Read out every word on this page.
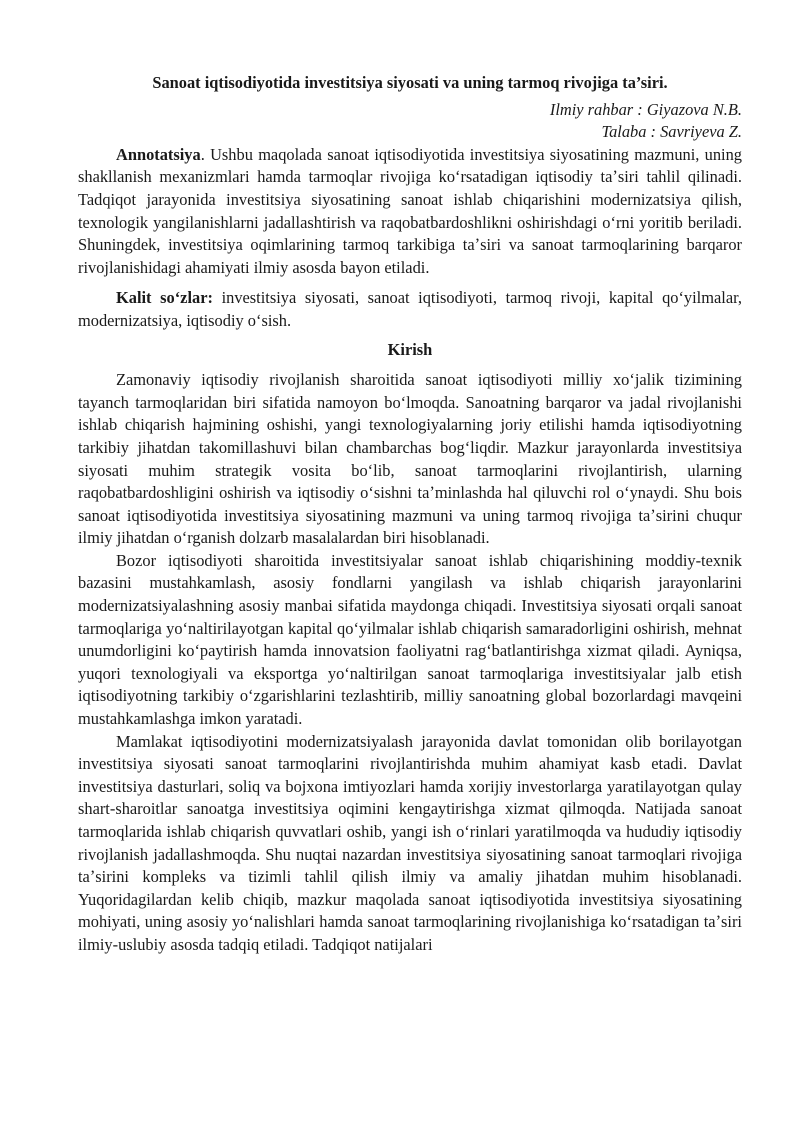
Sanoat iqtisodiyotida investitsiya siyosati va uning tarmoq rivojiga ta’siri.
Ilmiy rahbar : Giyazova N.B.
Talaba : Savriyeva Z.

Annotatsiya. Ushbu maqolada sanoat iqtisodiyotida investitsiya siyosatining mazmuni, uning shakllanish mexanizmlari hamda tarmoqlar rivojiga koʻrsatadigan iqtisodiy taʼsiri tahlil qilinadi. Tadqiqot jarayonida investitsiya siyosatining sanoat ishlab chiqarishini modernizatsiya qilish, texnologik yangilanishlarni jadallashtirish va raqobatbardoshlikni oshirishdagi oʻrni yoritib beriladi. Shuningdek, investitsiya oqimlarining tarmoq tarkibiga taʼsiri va sanoat tarmoqlarining barqaror rivojlanishidagi ahamiyati ilmiy asosda bayon etiladi.

Kalit soʻzlar: investitsiya siyosati, sanoat iqtisodiyoti, tarmoq rivoji, kapital qoʻyilmalar, modernizatsiya, iqtisodiy oʻsish.

Kirish

Zamonaviy iqtisodiy rivojlanish sharoitida sanoat iqtisodiyoti milliy xoʻjalik tizimining tayanch tarmoqlaridan biri sifatida namoyon boʻlmoqda. Sanoatning barqaror va jadal rivojlanishi ishlab chiqarish hajmining oshishi, yangi texnologiyalarning joriy etilishi hamda iqtisodiyotning tarkibiy jihatdan takomillashuvi bilan chambarchas bogʻliqdir. Mazkur jarayonlarda investitsiya siyosati muhim strategik vosita boʻlib, sanoat tarmoqlarini rivojlantirish, ularning raqobatbardoshligini oshirish va iqtisodiy oʻsishni taʼminlashda hal qiluvchi rol oʻynaydi. Shu bois sanoat iqtisodiyotida investitsiya siyosatining mazmuni va uning tarmoq rivojiga taʼsirini chuqur ilmiy jihatdan oʻrganish dolzarb masalalardan biri hisoblanadi.

Bozor iqtisodiyoti sharoitida investitsiyalar sanoat ishlab chiqarishining moddiy-texnik bazasini mustahkamlash, asosiy fondlarni yangilash va ishlab chiqarish jarayonlarini modernizatsiyalashning asosiy manbai sifatida maydonga chiqadi. Investitsiya siyosati orqali sanoat tarmoqlariga yoʻnaltirilayotgan kapital qoʻyilmalar ishlab chiqarish samaradorligini oshirish, mehnat unumdorligini koʻpaytirish hamda innovatsion faoliyatni ragʻbatlantirishga xizmat qiladi. Ayniqsa, yuqori texnologiyali va eksportga yoʻnaltirilgan sanoat tarmoqlariga investitsiyalar jalb etish iqtisodiyotning tarkibiy oʻzgarishlarini tezlashtirib, milliy sanoatning global bozorlardagi mavqeini mustahkamlashga imkon yaratadi.

Mamlakat iqtisodiyotini modernizatsiyalash jarayonida davlat tomonidan olib borilayotgan investitsiya siyosati sanoat tarmoqlarini rivojlantirishda muhim ahamiyat kasb etadi. Davlat investitsiya dasturlari, soliq va bojxona imtiyozlari hamda xorijiy investorlarga yaratilayotgan qulay shart-sharoitlar sanoatga investitsiya oqimini kengaytirishga xizmat qilmoqda. Natijada sanoat tarmoqlarida ishlab chiqarish quvvatlari oshib, yangi ish oʻrinlari yaratilmoqda va hududiy iqtisodiy rivojlanish jadallashmoqda. Shu nuqtai nazardan investitsiya siyosatining sanoat tarmoqlari rivojiga taʼsirini kompleks va tizimli tahlil qilish ilmiy va amaliy jihatdan muhim hisoblanadi. Yuqoridagilardan kelib chiqib, mazkur maqolada sanoat iqtisodiyotida investitsiya siyosatining mohiyati, uning asosiy yoʻnalishlari hamda sanoat tarmoqlarining rivojlanishiga koʻrsatadigan taʼsiri ilmiy-uslubiy asosda tadqiq etiladi. Tadqiqot natijalari
